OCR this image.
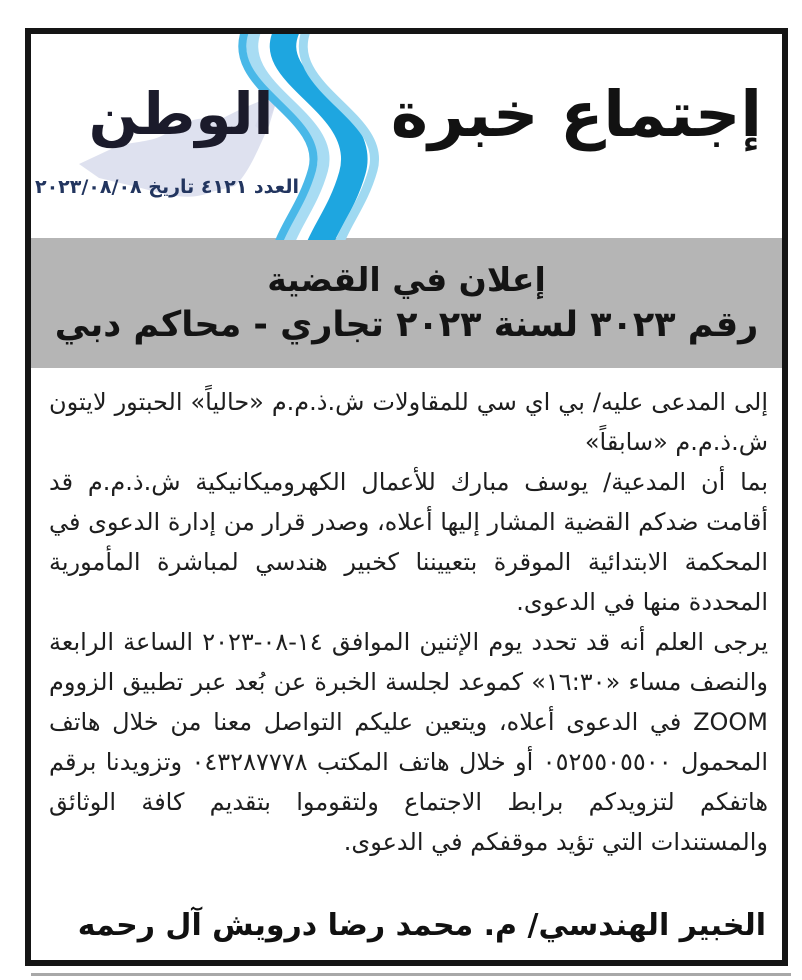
الوطن
العدد ٤١٢١ تاريخ ٢٠٢٣/٠٨/٠٨
إجتماع خبرة
إعلان في القضية
رقم ٣٠٢٣ لسنة ٢٠٢٣ تجاري - محاكم دبي

إلى المدعى عليه/ بي اي سي للمقاولات ش.ذ.م.م «حالياً» الحبتور لايتون ش.ذ.م.م «سابقاً»

بما أن المدعية/ يوسف مبارك للأعمال الكهروميكانيكية ش.ذ.م.م قد أقامت ضدكم القضية المشار إليها أعلاه، وصدر قرار من إدارة الدعوى في المحكمة الابتدائية الموقرة بتعييننا كخبير هندسي لمباشرة المأمورية المحددة منها في الدعوى.

يرجى العلم أنه قد تحدد يوم الإثنين الموافق ١٤-٠٨-٢٠٢٣ الساعة الرابعة والنصف مساء «١٦:٣٠» كموعد لجلسة الخبرة عن بُعد عبر تطبيق الزووم ZOOM في الدعوى أعلاه، ويتعين عليكم التواصل معنا من خلال هاتف المحمول ٠٥٢٥٥٠٥٥٠٠ أو خلال هاتف المكتب ٠٤٣٢٨٧٧٧٨ وتزويدنا برقم هاتفكم لتزويدكم برابط الاجتماع ولتقوموا بتقديم كافة الوثائق والمستندات التي تؤيد موقفكم في الدعوى.

الخبير الهندسي/ م. محمد رضا درويش آل رحمه
